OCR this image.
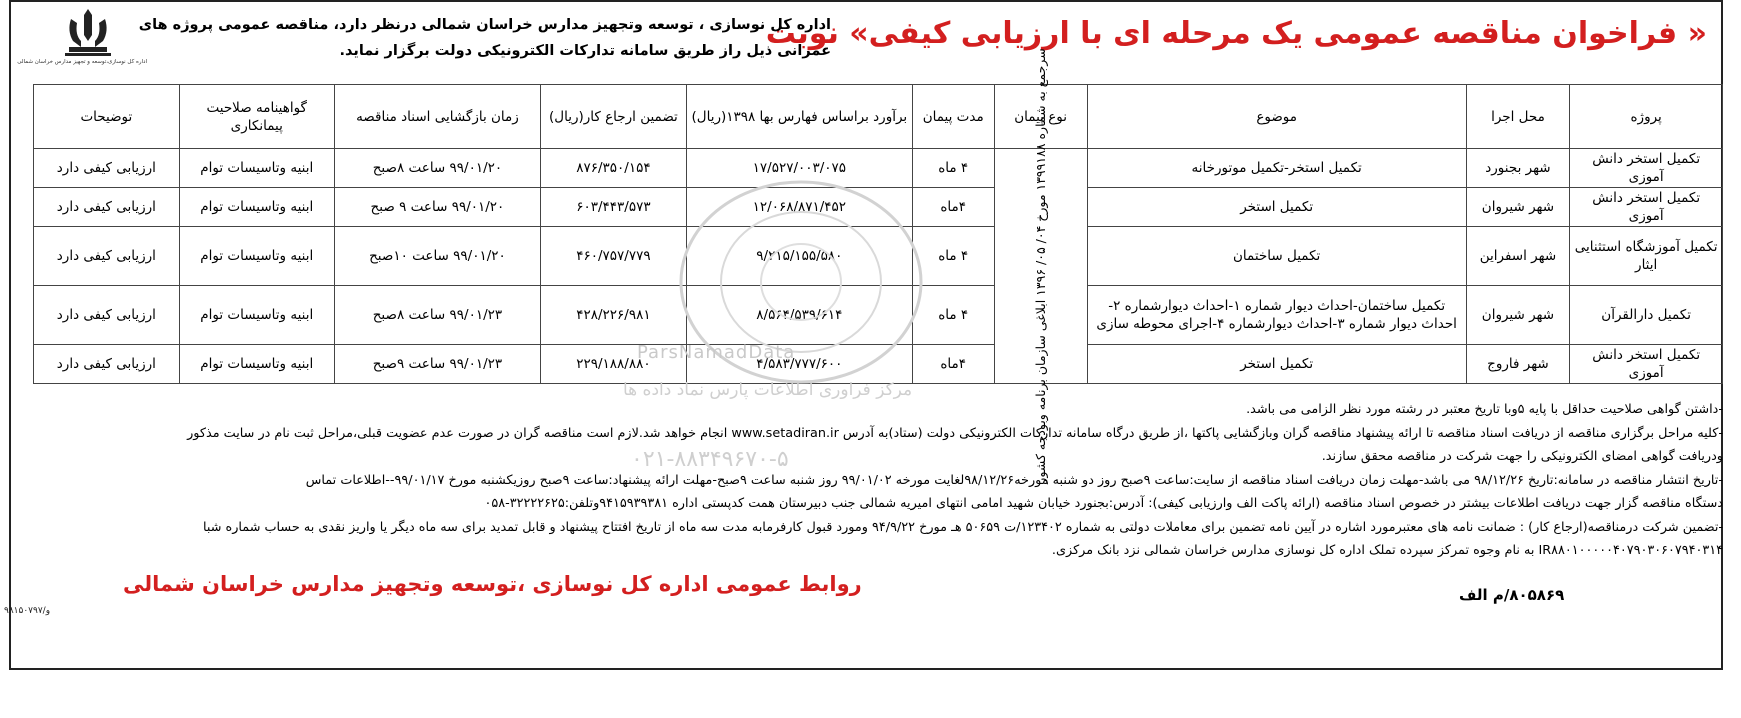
« فراخوان مناقصه عمومی یک مرحله ای با ارزیابی کیفی» نوبت
اداره کل نوسازی ، توسعه وتجهیز مدارس خراسان شمالی درنظر دارد، مناقصه عمومی پروژه های
عمرانی ذیل راز طریق سامانه تدارکات الکترونیکی دولت برگزار نماید.
اداره کل نوسازی،توسعه و تجهیز مدارس خراسان شمالی
پروژه	محل اجرا	موضوع	نوع پیمان	مدت پیمان	برآورد براساس فهارس بها ۱۳۹۸(ریال)	تضمین ارجاع کار(ریال)	زمان بازگشایی اسناد مناقصه	گواهینامه صلاحیت پیمانکاری	توضیحات
تکمیل استخر دانش آموزی	شهر بجنورد	تکمیل استخر-تکمیل موتورخانه	سرجمع به شماره ۱۳۹۹۱۸۸ مورخ ۰۴/ ۰۵/ ۱۳۹۶ ابلاغی سازمان برنامه وبودجه کشور	۴ ماه	۱۷/۵۲۷/۰۰۳/۰۷۵	۸۷۶/۳۵۰/۱۵۴	۹۹/۰۱/۲۰ ساعت ۸صبح	ابنیه وتاسیسات توام	ارزیابی کیفی دارد
تکمیل استخر دانش آموزی	شهر شیروان	تکمیل استخر		۴ماه	۱۲/۰۶۸/۸۷۱/۴۵۲	۶۰۳/۴۴۳/۵۷۳	۹۹/۰۱/۲۰ ساعت ۹ صبح	ابنیه وتاسیسات توام	ارزیابی کیفی دارد
تکمیل آموزشگاه استثنایی ایثار	شهر اسفراین	تکمیل ساختمان		۴ ماه	۹/۲۱۵/۱۵۵/۵۸۰	۴۶۰/۷۵۷/۷۷۹	۹۹/۰۱/۲۰ ساعت ۱۰صبح	ابنیه وتاسیسات توام	ارزیابی کیفی دارد
تکمیل دارالقرآن	شهر شیروان	تکمیل ساختمان-احداث دیوار شماره ۱-احداث دیوارشماره ۲-احداث دیوار شماره ۳-احداث دیوارشماره ۴-اجرای محوطه سازی		۴ ماه	۸/۵۶۴/۵۳۹/۶۱۴	۴۲۸/۲۲۶/۹۸۱	۹۹/۰۱/۲۳ ساعت ۸صبح	ابنیه وتاسیسات توام	ارزیابی کیفی دارد
تکمیل استخر دانش آموزی	شهر فاروج	تکمیل استخر		۴ماه	۴/۵۸۳/۷۷۷/۶۰۰	۲۲۹/۱۸۸/۸۸۰	۹۹/۰۱/۲۳ ساعت ۹صبح	ابنیه وتاسیسات توام	ارزیابی کیفی دارد
ParsNamadData
مرکز فراوری اطلاعات پارس نماد داده ها
۰۲۱-۸۸۳۴۹۶۷۰-۵
-داشتن گواهی صلاحیت حداقل با پایه ۵وبا تاریخ معتبر در رشته مورد نظر الزامی می باشد.
-کلیه مراحل برگزاری مناقصه از دریافت اسناد مناقصه تا ارائه پیشنهاد مناقصه گران وبازگشایی پاکتها ،از طریق درگاه سامانه تدارکات الکترونیکی دولت (ستاد)به آدرس www.setadiran.ir انجام خواهد شد.لازم است مناقصه گران در صورت عدم عضویت قبلی،مراحل ثبت نام در سایت مذکور
ودریافت گواهی امضای الکترونیکی را جهت شرکت در مناقصه محقق سازند.
-تاریخ انتشار مناقصه در سامانه:تاریخ ۹۸/۱۲/۲۶ می باشد-مهلت زمان دریافت اسناد مناقصه از سایت:ساعت ۹صبح روز دو شنبه مورخه۹۸/۱۲/۲۶لغایت مورخه ۹۹/۰۱/۰۲ روز شنبه ساعت ۹صبح-مهلت ارائه پیشنهاد:ساعت ۹صبح روزیکشنبه مورخ ۹۹/۰۱/۱۷--اطلاعات تماس
دستگاه مناقصه گزار جهت دریافت اطلاعات بیشتر در خصوص اسناد مناقصه (ارائه پاکت الف وارزیابی کیفی): آدرس:بجنورد خیابان شهید امامی انتهای امیریه شمالی جنب دبیرستان همت کدپستی اداره ۹۴۱۵۹۳۹۳۸۱وتلفن:۳۲۲۲۲۶۲۵-۰۵۸
-تضمین شرکت درمناقصه(ارجاع کار) : ضمانت نامه های معتبرمورد اشاره در آیین نامه تضمین برای معاملات دولتی به شماره ۱۲۳۴۰۲/ت ۵۰۶۵۹ هـ مورخ ۹۴/۹/۲۲ ومورد قبول کارفرمابه مدت سه ماه از تاریخ افتتاح پیشنهاد و قابل تمدید برای سه ماه دیگر یا واریز نقدی به حساب شماره شبا
IR۸۸۰۱۰۰۰۰۰۴۰۷۹۰۳۰۶۰۷۹۴۰۳۱۴ به نام وجوه تمرکز سپرده تملک اداره کل نوسازی مدارس خراسان شمالی نزد بانک مرکزی.
روابط عمومی اداره کل نوسازی ،توسعه وتجهیز مدارس خراسان شمالی	۸۰۵۸۶۹/م الف
۹۸۱۵۰۷۹۷/و
